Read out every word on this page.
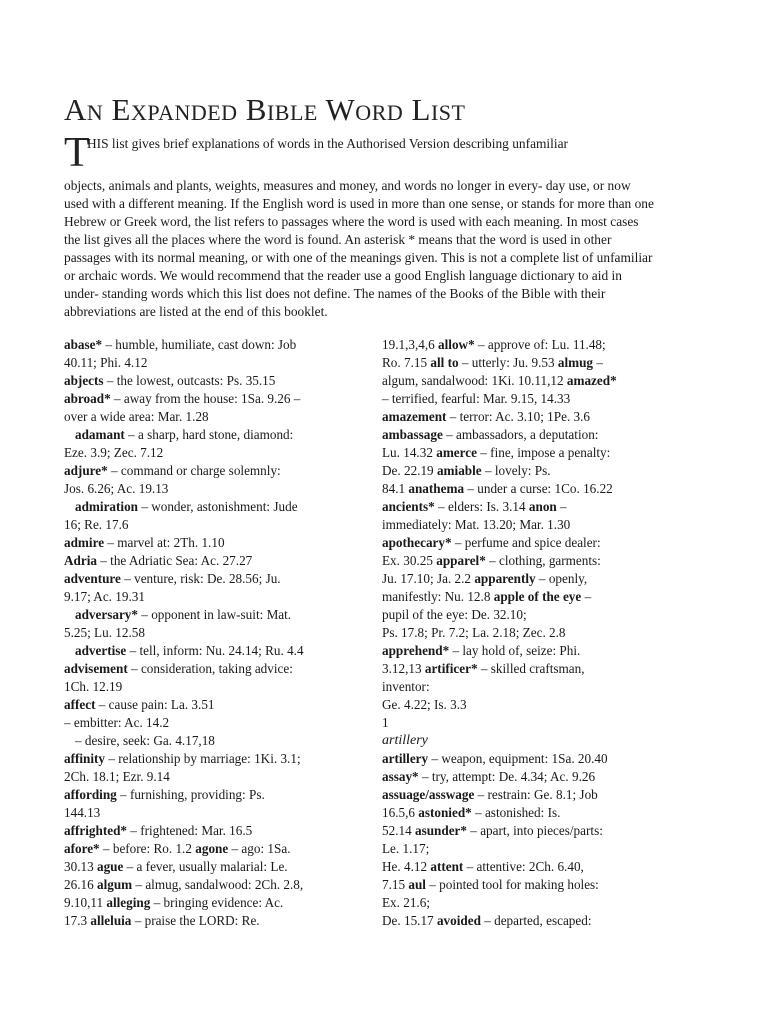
An Expanded Bible Word List
T
HIS list gives brief explanations of words in the Authorised Version describing unfamiliar
objects, animals and plants, weights, measures and money, and words no longer in every- day use, or now used with a different meaning. If the English word is used in more than one sense, or stands for more than one Hebrew or Greek word, the list refers to passages where the word is used with each meaning. In most cases the list gives all the places where the word is found. An asterisk * means that the word is used in other passages with its normal meaning, or with one of the meanings given. This is not a complete list of unfamiliar or archaic words. We would recommend that the reader use a good English language dictionary to aid in under- standing words which this list does not define. The names of the Books of the Bible with their abbreviations are listed at the end of this booklet.
abase* – humble, humiliate, cast down: Job
40.11; Phi. 4.12
abjects – the lowest, outcasts: Ps. 35.15
abroad* – away from the house: 1Sa. 9.26 –
over a wide area: Mar. 1.28
adamant – a sharp, hard stone, diamond:
Eze. 3.9; Zec. 7.12
adjure* – command or charge solemnly:
Jos. 6.26; Ac. 19.13
admiration – wonder, astonishment: Jude
16; Re. 17.6
admire – marvel at: 2Th. 1.10
Adria – the Adriatic Sea: Ac. 27.27
adventure – venture, risk: De. 28.56; Ju.
9.17; Ac. 19.31
adversary* – opponent in law-suit: Mat.
5.25; Lu. 12.58
advertise – tell, inform: Nu. 24.14; Ru. 4.4
advisement – consideration, taking advice:
1Ch. 12.19
affect – cause pain: La. 3.51
– embitter: Ac. 14.2
– desire, seek: Ga. 4.17,18
affinity – relationship by marriage: 1Ki. 3.1;
2Ch. 18.1; Ezr. 9.14
affording – furnishing, providing: Ps.
144.13
affrighted* – frightened: Mar. 16.5
afore* – before: Ro. 1.2 agone – ago: 1Sa.
30.13 ague – a fever, usually malarial: Le.
26.16 algum – almug, sandalwood: 2Ch. 2.8,
9.10,11 alleging – bringing evidence: Ac.
17.3 alleluia – praise the LORD: Re.
19.1,3,4,6 allow* – approve of: Lu. 11.48;
Ro. 7.15 all to – utterly: Ju. 9.53 almug –
algum, sandalwood: 1Ki. 10.11,12 amazed*
– terrified, fearful: Mar. 9.15, 14.33
amazement – terror: Ac. 3.10; 1Pe. 3.6
ambassage – ambassadors, a deputation:
Lu. 14.32 amerce – fine, impose a penalty:
De. 22.19 amiable – lovely: Ps.
84.1 anathema – under a curse: 1Co. 16.22
ancients* – elders: Is. 3.14 anon –
immediately: Mat. 13.20; Mar. 1.30
apothecary* – perfume and spice dealer:
Ex. 30.25 apparel* – clothing, garments:
Ju. 17.10; Ja. 2.2 apparently – openly,
manifestly: Nu. 12.8 apple of the eye –
pupil of the eye: De. 32.10;
Ps. 17.8; Pr. 7.2; La. 2.18; Zec. 2.8
apprehend* – lay hold of, seize: Phi.
3.12,13 artificer* – skilled craftsman,
inventor:
Ge. 4.22; Is. 3.3
1
artillery
artillery – weapon, equipment: 1Sa. 20.40
assay* – try, attempt: De. 4.34; Ac. 9.26
assuage/asswage – restrain: Ge. 8.1; Job
16.5,6 astonied* – astonished: Is.
52.14 asunder* – apart, into pieces/parts:
Le. 1.17;
He. 4.12 attent – attentive: 2Ch. 6.40,
7.15 aul – pointed tool for making holes:
Ex. 21.6;
De. 15.17 avoided – departed, escaped:
